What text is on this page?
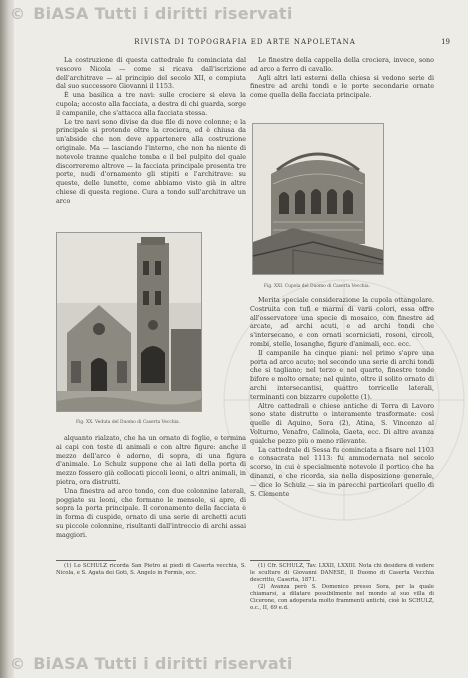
© BiASA Tutti i diritti riservati
RIVISTA DI TOPOGRAFIA ED ARTE NAPOLETANA	19

La costruzione di questa cattedrale fu cominciata dal vescovo Nicola — come si ricava dall'iscrizione dell'architrave — al principio del secolo XII, e compiuta dal suo successore Giovanni il 1153.

È una basilica a tre navi: sulle crociere si eleva la cupola; accosto alla facciata, a destra di chi guarda, sorge il campanile, che s'attacca alla facciata stessa.

Le tre navi sono divise da due file di nove colonne; e la principale si protende oltre la crociera, ed è chiusa da un'abside che non deve appartenere alla costruzione originale. Ma — lasciando l'interno, che non ha niente di notevole tranne qualche tomba e il bel pulpito del quale discorreremo altrove — la facciata principale presenta tre porte, nudi d'ornamento gli stipiti e l'architrave: su queste, delle lunette, come abbiamo visto già in altre chiese di questa regione. Cura a tondo sull'architrave un arco

Fig. XX. Veduta del Duomo di Caserta Vecchia.

alquanto rialzato, che ha un ornato di foglie, e termina ai capi con teste di animali e con altre figure: anche il mezzo dell'arco è adorno, di sopra, di una figura d'animale. Lo Schulz suppone che ai lati della porta di mezzo fossero già collocati piccoli leoni, o altri animali, in pietra, ora distrutti.

Una finestra ad arco tondo, con due colonnine laterali, poggiate su leoni, che formano le mensole, si apre, di sopra la porta principale. Il coronamento della facciata è in forma di cuspide, ornato di una serie di archetti acuti su piccole colonnine, risultanti dall'intreccio di archi assai maggiori.

(1) Lo SCHULZ ricorda San Pietro ai piedi di Caserta vecchia, S. Nicola, e S. Agata dei Goti, S. Angelo in Formis, ecc.

Le finestre della cappella della crociera, invece, sono ad arco a ferro di cavallo.

Agli altri lati esterni della chiesa si vedono serie di finestre ad archi tondi e le porte secondarie ornate come quella della facciata principale.

Fig. XXI. Cupola del Duomo di Caserta Vecchia.

Merita speciale considerazione la cupola ottangolare. Costruita con tufi e marmi di varii colori, essa offre all'osservatore una specie di mosaico, con finestre ad arcate, ad archi acuti, e ad archi tondi che s'intersecano, e con ornati scorniciati, rosoni, circoli, rombi, stelle, losanghe, figure d'animali, ecc. ecc.

Il campanile ha cinque piani: nel primo s'apre una porta ad arco acuto; nel secondo una serie di archi tondi che si tagliano; nel terzo e nel quarto, finestre tonde bifore e molto ornate; nel quinto, oltre il solito ornato di archi intersecantisi, quattro torricelle laterali, terminanti con bizzarre cupolette (1).

Altre cattedrali e chiese antiche di Terra di Lavoro sono state distrutte o interamente trasformate: così quelle di Aquino, Sora (2), Atina, S. Vincenzo al Volturno, Venafro, Calinola, Gaeta, ecc. Di altre avanza qualche pezzo più o meno rilevante.

La cattedrale di Sessa fu cominciata a fisare nel 1103 e consacrata nel 1113: fu ammodernata nel secolo scorso, in cui è specialmente notevole il portico che ha dinanzi, e che ricorda, sia nella disposizione generale, — dice lo Schulz — sia in parecchi particolari quello di S. Clemente

(1) Cfr. SCHULZ, Tav. LXXII, LXXIII. Nota chi desidera di vedere le sculture di Giovanni DANESE, Il Duomo di Caserta Vecchia descritto, Caserta, 1871.

(2) Avanza però S. Domenico presso Sora, per la quale chiamarsi, a dilatare possibilmente nel mondo al suo villa di Cicerone, con adoperata molto frammenti antichi, cioè lo SCHULZ, o.c., II, 69 e.d.

© BiASA Tutti i diritti riservati
